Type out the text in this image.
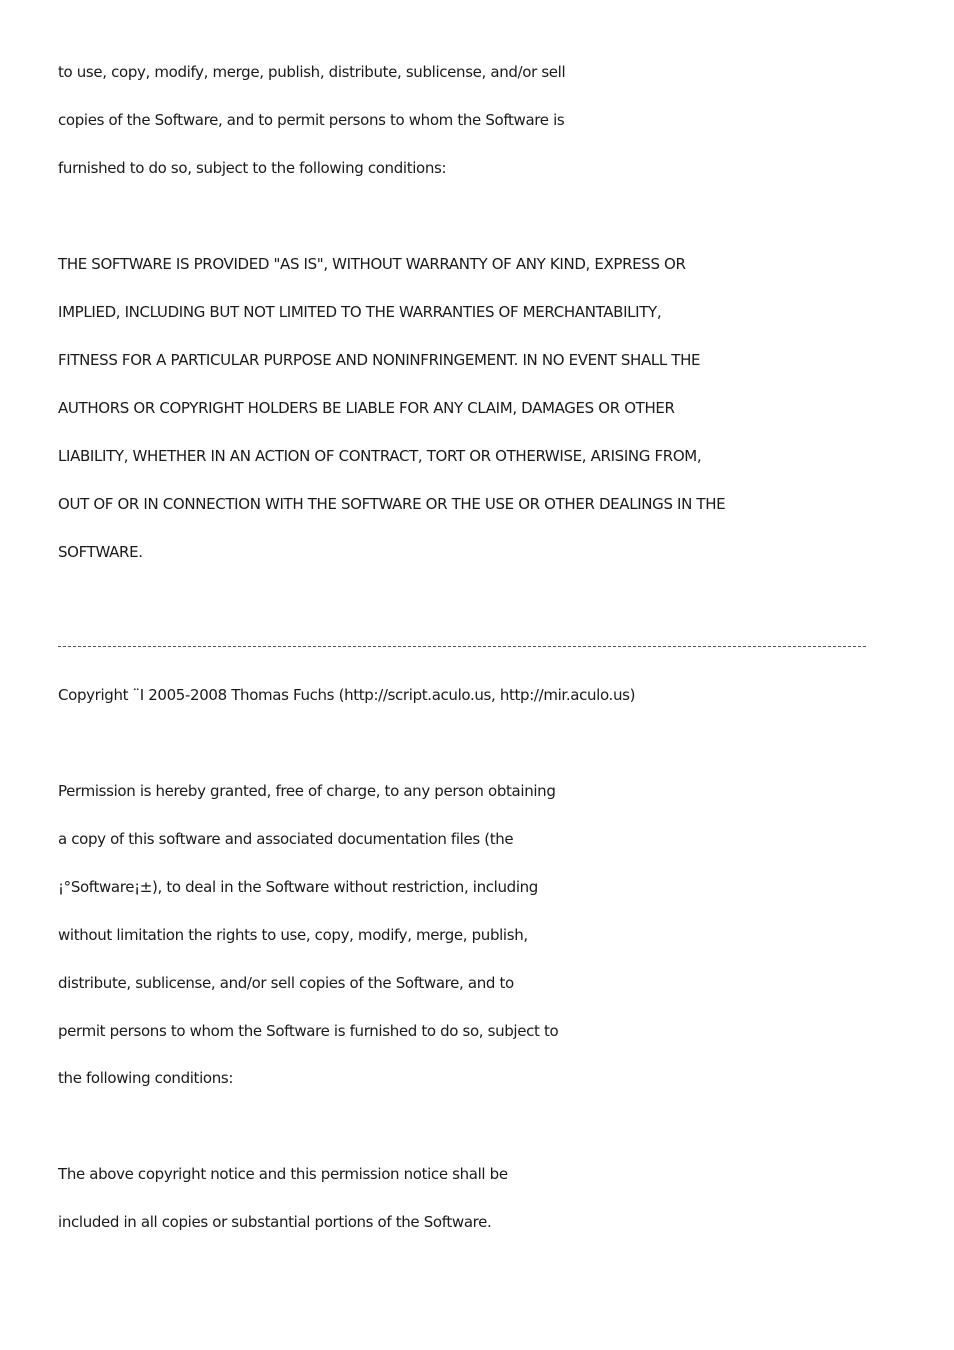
to use, copy, modify, merge, publish, distribute, sublicense, and/or sell
copies of the Software, and to permit persons to whom the Software is
furnished to do so, subject to the following conditions:
THE SOFTWARE IS PROVIDED "AS IS", WITHOUT WARRANTY OF ANY KIND, EXPRESS OR
IMPLIED, INCLUDING BUT NOT LIMITED TO THE WARRANTIES OF MERCHANTABILITY,
FITNESS FOR A PARTICULAR PURPOSE AND NONINFRINGEMENT. IN NO EVENT SHALL THE
AUTHORS OR COPYRIGHT HOLDERS BE LIABLE FOR ANY CLAIM, DAMAGES OR OTHER
LIABILITY, WHETHER IN AN ACTION OF CONTRACT, TORT OR OTHERWISE, ARISING FROM,
OUT OF OR IN CONNECTION WITH THE SOFTWARE OR THE USE OR OTHER DEALINGS IN THE
SOFTWARE.
Copyright ¨I 2005-2008 Thomas Fuchs (http://script.aculo.us, http://mir.aculo.us)
Permission is hereby granted, free of charge, to any person obtaining
a copy of this software and associated documentation files (the
¡°Software¡±), to deal in the Software without restriction, including
without limitation the rights to use, copy, modify, merge, publish,
distribute, sublicense, and/or sell copies of the Software, and to
permit persons to whom the Software is furnished to do so, subject to
the following conditions:
The above copyright notice and this permission notice shall be
included in all copies or substantial portions of the Software.
